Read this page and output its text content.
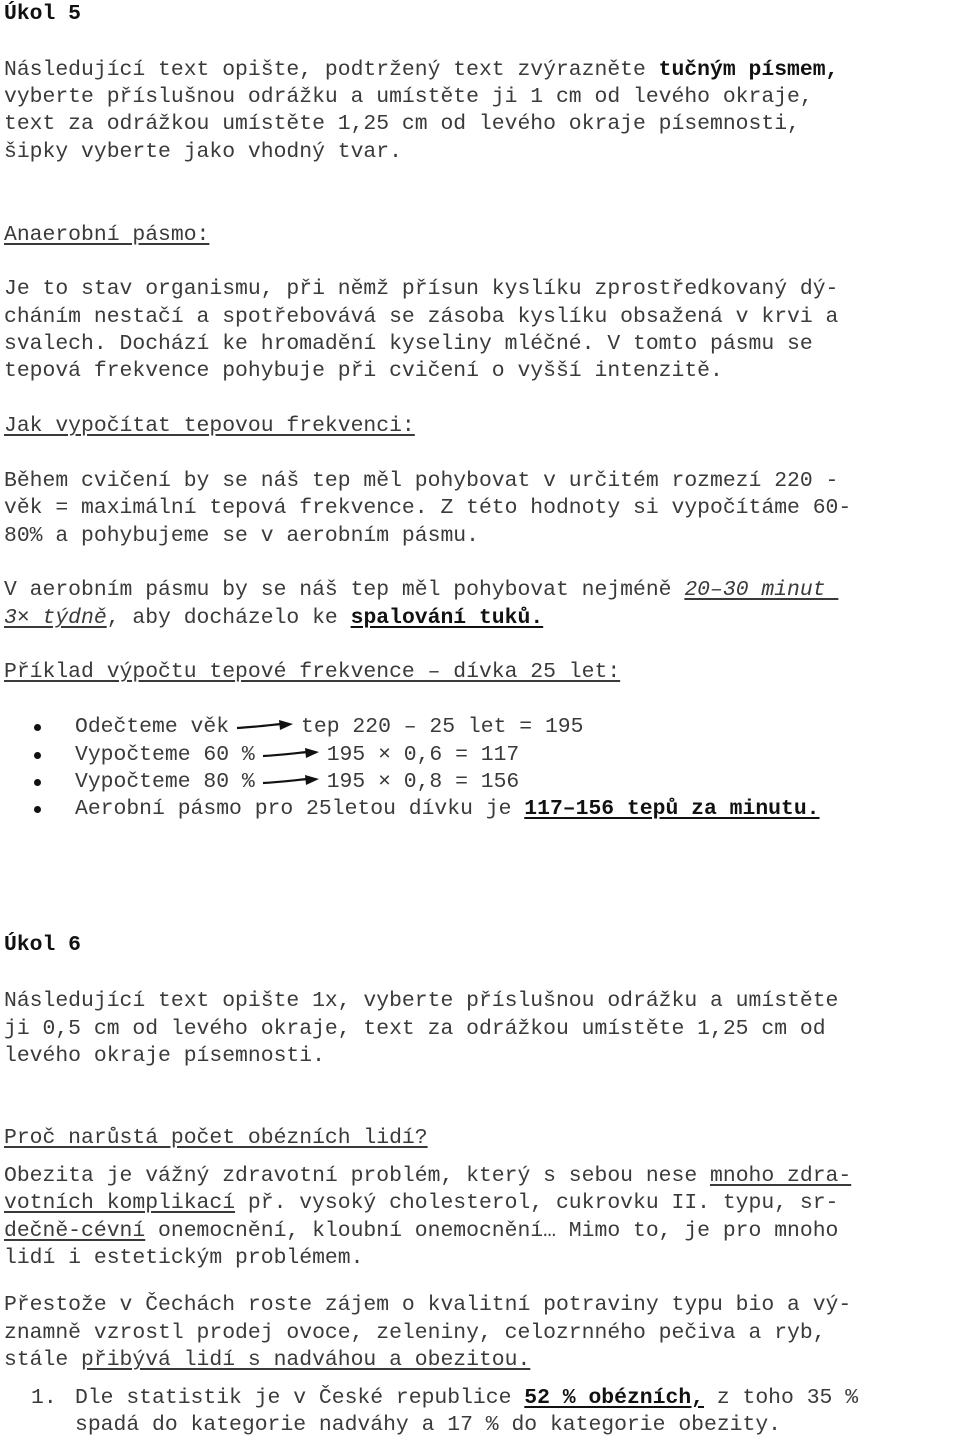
Úkol 5
Následující text opište, podtržený text zvýrazněte tučným písmem,
vyberte příslušnou odrážku a umístěte ji 1 cm od levého okraje,
text za odrážkou umístěte 1,25 cm od levého okraje písemnosti,
šipky vyberte jako vhodný tvar.
Anaerobní pásmo:
Je to stav organismu, při němž přísun kyslíku zprostředkovaný dý-
cháním nestačí a spotřebovává se zásoba kyslíku obsažená v krvi a
svalech. Dochází ke hromadění kyseliny mléčné. V tomto pásmu se
tepová frekvence pohybuje při cvičení o vyšší intenzitě.
Jak vypočítat tepovou frekvenci:
Během cvičení by se náš tep měl pohybovat v určitém rozmezí 220 -
věk = maximální tepová frekvence. Z této hodnoty si vypočítáme 60-
80% a pohybujeme se v aerobním pásmu.
V aerobním pásmu by se náš tep měl pohybovat nejméně 20–30 minut
3× týdně, aby docházelo ke spalování tuků.
Příklad výpočtu tepové frekvence – dívka 25 let:
Odečteme věk	tep 220 – 25 let = 195
Vypočteme 60 %	195 × 0,6 = 117
Vypočteme 80 %	195 × 0,8 = 156
Aerobní pásmo pro 25letou dívku je 117–156 tepů za minutu.
Úkol 6
Následující text opište 1x, vyberte příslušnou odrážku a umístěte
ji 0,5 cm od levého okraje, text za odrážkou umístěte 1,25 cm od
levého okraje písemnosti.
Proč narůstá počet obézních lidí?
Obezita je vážný zdravotní problém, který s sebou nese mnoho zdra-
votních komplikací př. vysoký cholesterol, cukrovku II. typu, sr-
dečně-cévní onemocnění, kloubní onemocnění… Mimo to, je pro mnoho
lidí i estetickým problémem.
Přestože v Čechách roste zájem o kvalitní potraviny typu bio a vý-
znamně vzrostl prodej ovoce, zeleniny, celozrnného pečiva a ryb,
stále přibývá lidí s nadváhou a obezitou.
1. Dle statistik je v České republice 52 % obézních, z toho 35 %
spadá do kategorie nadváhy a 17 % do kategorie obezity.
